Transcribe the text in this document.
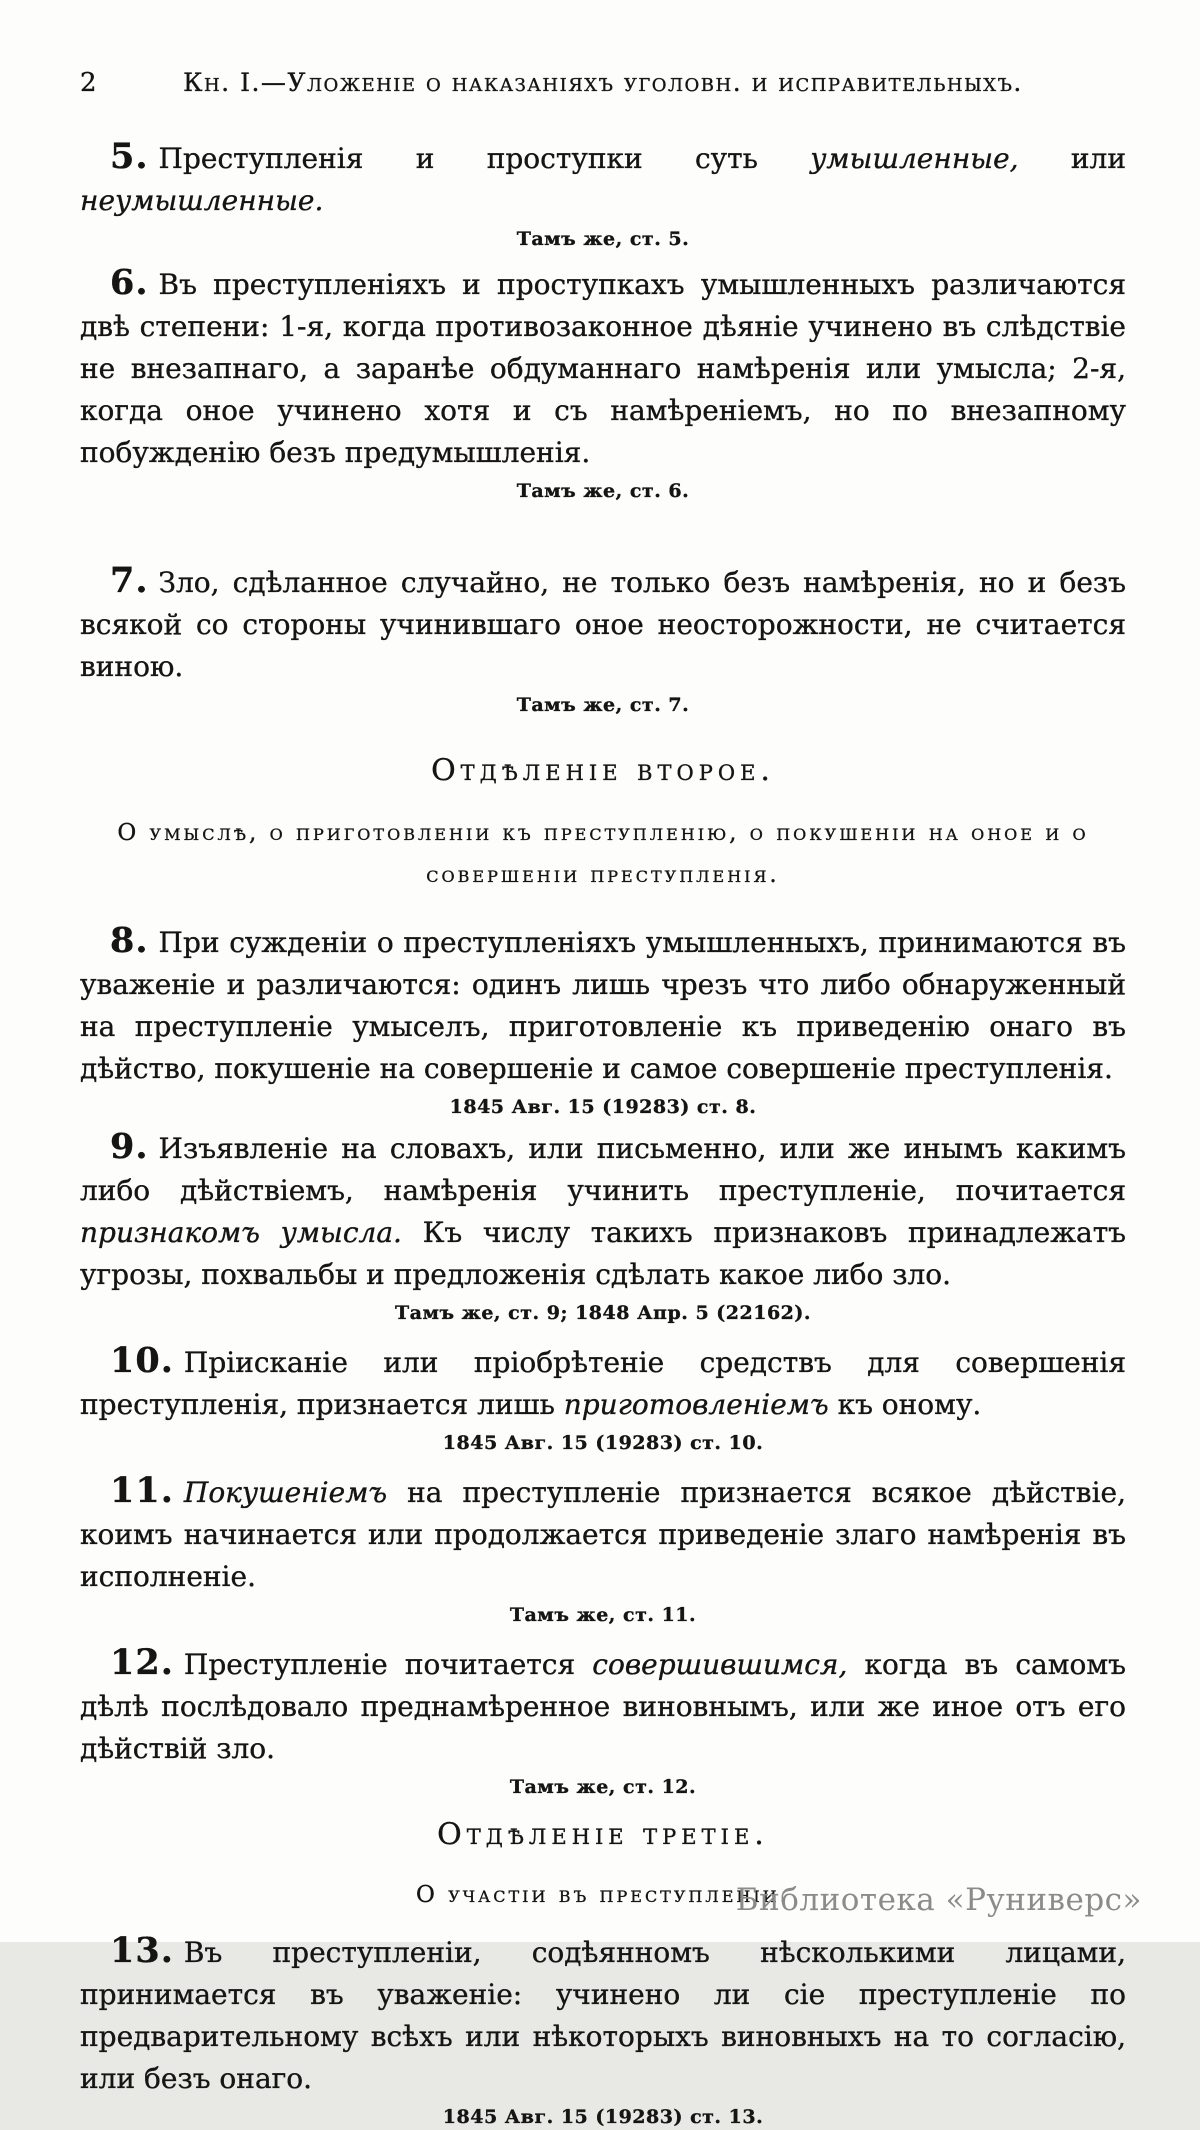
2	Кн. I.—Уложеніе о наказаніяхъ уголовн. и исправительныхъ.

5. Преступленія и проступки суть умышленные, или неумышленные.

Тамъ же, ст. 5.

6. Въ преступленіяхъ и проступкахъ умышленныхъ различаются двѣ степени: 1-я, когда противозаконное дѣяніе учинено въ слѣдствіе не внезапнаго, а заранѣе обдуманнаго намѣренія или умысла; 2-я, когда оное учинено хотя и съ намѣреніемъ, но по внезапному побужденію безъ предумышленія.

Тамъ же, ст. 6.

7. Зло, сдѣланное случайно, не только безъ намѣренія, но и безъ всякой со стороны учинившаго оное неосторожности, не считается виною.

Тамъ же, ст. 7.

Отдѣленіе второе.
О умыслѣ, о приготовленіи къ преступленію, о покушеніи на оное и о совершеніи преступленія.

8. При сужденіи о преступленіяхъ умышленныхъ, принимаются въ уваженіе и различаются: одинъ лишь чрезъ что либо обнаруженный на преступленіе умыселъ, приготовленіе къ приведенію онаго въ дѣйство, покушеніе на совершеніе и самое совершеніе преступленія.

1845 Авг. 15 (19283) ст. 8.

9. Изъявленіе на словахъ, или письменно, или же инымъ какимъ либо дѣйствіемъ, намѣренія учинить преступленіе, почитается признакомъ умысла. Къ числу такихъ признаковъ принадлежатъ угрозы, похвальбы и предложенія сдѣлать какое либо зло.

Тамъ же, ст. 9; 1848 Апр. 5 (22162).

10. Пріисканіе или пріобрѣтеніе средствъ для совершенія преступленія, признается лишь приготовленіемъ къ оному.

1845 Авг. 15 (19283) ст. 10.

11. Покушеніемъ на преступленіе признается всякое дѣйствіе, коимъ начинается или продолжается приведеніе злаго намѣренія въ исполненіе.

Тамъ же, ст. 11.

12. Преступленіе почитается совершившимся, когда въ самомъ дѣлѣ послѣдовало преднамѣренное виновнымъ, или же иное отъ его дѣйствій зло.

Тамъ же, ст. 12.

Отдѣленіе третіе.
О участіи въ преступленіи.

13. Въ преступленіи, содѣянномъ нѣсколькими лицами, принимается въ уваженіе: учинено ли сіе преступленіе по предварительному всѣхъ или нѣкоторыхъ виновныхъ на то согласію, или безъ онаго.

1845 Авг. 15 (19283) ст. 13.

Библиотека «Руниверс»
